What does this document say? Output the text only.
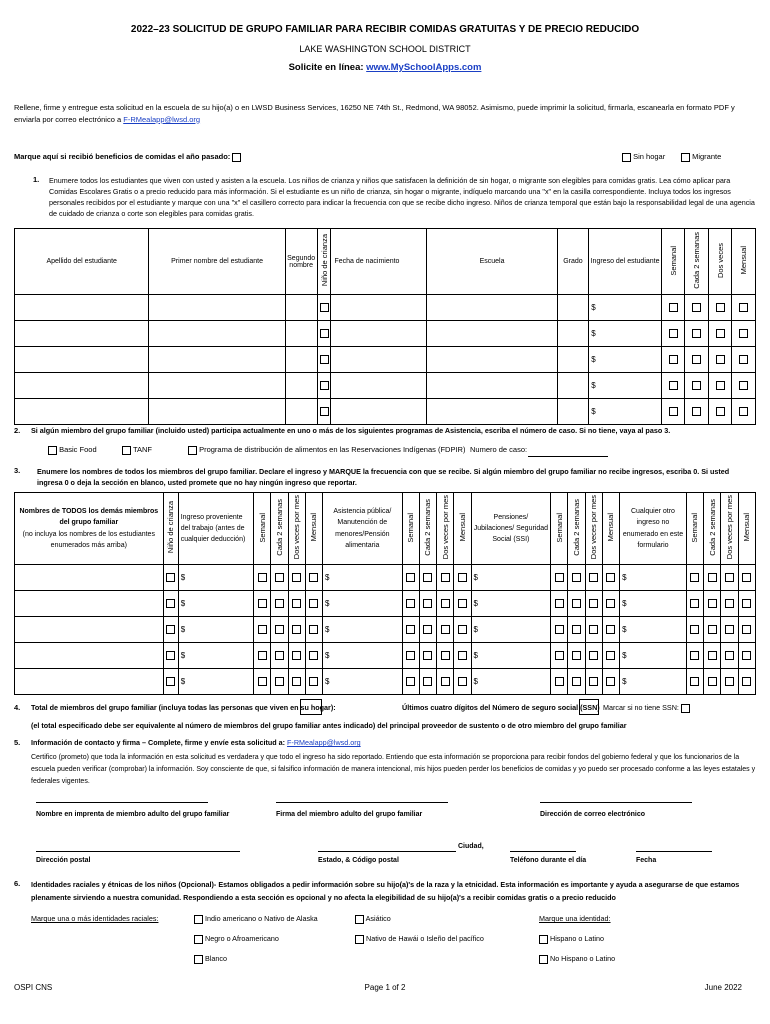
2022–23 SOLICITUD DE GRUPO FAMILIAR PARA RECIBIR COMIDAS GRATUITAS Y DE PRECIO REDUCIDO
LAKE WASHINGTON SCHOOL DISTRICT
Solicite en línea: www.MySchoolApps.com
Rellene, firme y entregue esta solicitud en la escuela de su hijo(a) o en LWSD Business Services, 16250 NE 74th St., Redmond, WA 98052. Asimismo, puede imprimir la solicitud, firmarla, escanearla en formato PDF y enviarla por correo electrónico a F-RMealapp@lwsd.org
Marque aquí si recibió beneficios de comidas el año pasado:	Sin hogar	Migrante
1. Enumere todos los estudiantes que viven con usted y asisten a la escuela. Los niños de crianza y niños que satisfacen la definición de sin hogar, o migrante son elegibles para comidas gratis. Lea cómo aplicar para Comidas Escolares Gratis o a precio reducido para más información. Si el estudiante es un niño de crianza, sin hogar o migrante, indíquelo marcando una "x" en la casilla correspondiente. Incluya todos los ingresos personales recibidos por el estudiante y marque con una "x" el casillero correcto para indicar la frecuencia con que se recibe dicho ingreso. Niños de crianza temporal que están bajo la responsabilidad legal de una agencia de cuidado de crianza o corte son elegibles para comidas gratis.
Apellido del estudiante	Primer nombre del estudiante	Segundo nombre	Niño de crianza	Fecha de nacimiento	Escuela	Grado	Ingreso del estudiante	Semanal	Cada 2 semanas	Dos veces	Mensual
							$				
							$				
							$				
							$				
							$				
2. Si algún miembro del grupo familiar (incluido usted) participa actualmente en uno o más de los siguientes programas de Asistencia, escriba el número de caso. Si no tiene, vaya al paso 3.
Basic Food	TANF	Programa de distribución de alimentos en las Reservaciones Indígenas (FDPIR) Numero de caso:
3. Enumere los nombres de todos los miembros del grupo familiar. Declare el ingreso y MARQUE la frecuencia con que se recibe. Si algún miembro del grupo familiar no recibe ingresos, escriba 0. Si usted ingresa 0 o deja la sección en blanco, usted promete que no hay ningún ingreso que reportar.
Nombres de TODOS los demás miembros del grupo familiar
(no incluya los nombres de los estudiantes enumerados más arriba)	Niño de crianza	Ingreso proveniente del trabajo (antes de cualquier deducción)	Semanal	Cada 2 semanas	Dos veces por mes	Mensual	Asistencia pública/ Manutención de menores/Pensión alimentaria	Semanal	Cada 2 semanas	Dos veces por mes	Mensual	Pensiones/ Jubilaciones/ Seguridad Social (SSI)	Semanal	Cada 2 semanas	Dos veces por mes	Mensual	Cualquier otro ingreso no enumerado en este formulario	Semanal	Cada 2 semanas	Dos veces por mes	Mensual
		$					$					$					$				
		$					$					$					$				
		$					$					$					$				
		$					$					$					$				
		$					$					$					$				
4. Total de miembros del grupo familiar (incluya todas las personas que viven en su hogar):	Últimos cuatro dígitos del Número de seguro social (SSN) Marcar si no tiene SSN:
(el total especificado debe ser equivalente al número de miembros del grupo familiar antes indicado) del principal proveedor de sustento o de otro miembro del grupo familiar
5. Información de contacto y firma – Complete, firme y envíe esta solicitud a: F-RMealapp@lwsd.org
Certifico (prometo) que toda la información en esta solicitud es verdadera y que todo el ingreso ha sido reportado. Entiendo que esta información se proporciona para recibir fondos del gobierno federal y que los funcionarios de la escuela pueden verificar (comprobar) la información. Soy consciente de que, si falsifico información de manera intencional, mis hijos pueden perder los beneficios de comidas y yo puedo ser procesado conforme a las leyes estatales y federales vigentes.
Nombre en imprenta de miembro adulto del grupo familiar	Firma del miembro adulto del grupo familiar	Dirección de correo electrónico
Ciudad,
Dirección postal	Estado, & Código postal	Teléfono durante el día	Fecha
6. Identidades raciales y étnicas de los niños (Opcional)- Estamos obligados a pedir información sobre su hijo(a)'s de la raza y la etnicidad. Esta información es importante y ayuda a asegurarse de que estamos plenamente sirviendo a nuestra comunidad. Respondiendo a esta sección es opcional y no afecta la elegibilidad de su hijo(a)'s a recibir comidas gratis o a precio reducido
Marque una o más identidades raciales:	Indio americano o Nativo de Alaska	Asiático	Marque una identidad:
Negro o Afroamericano	Nativo de Hawái o Isleño del pacífico	Hispano o Latino
Blanco	No Hispano o Latino
OSPI CNS	Page 1 of 2	June 2022
